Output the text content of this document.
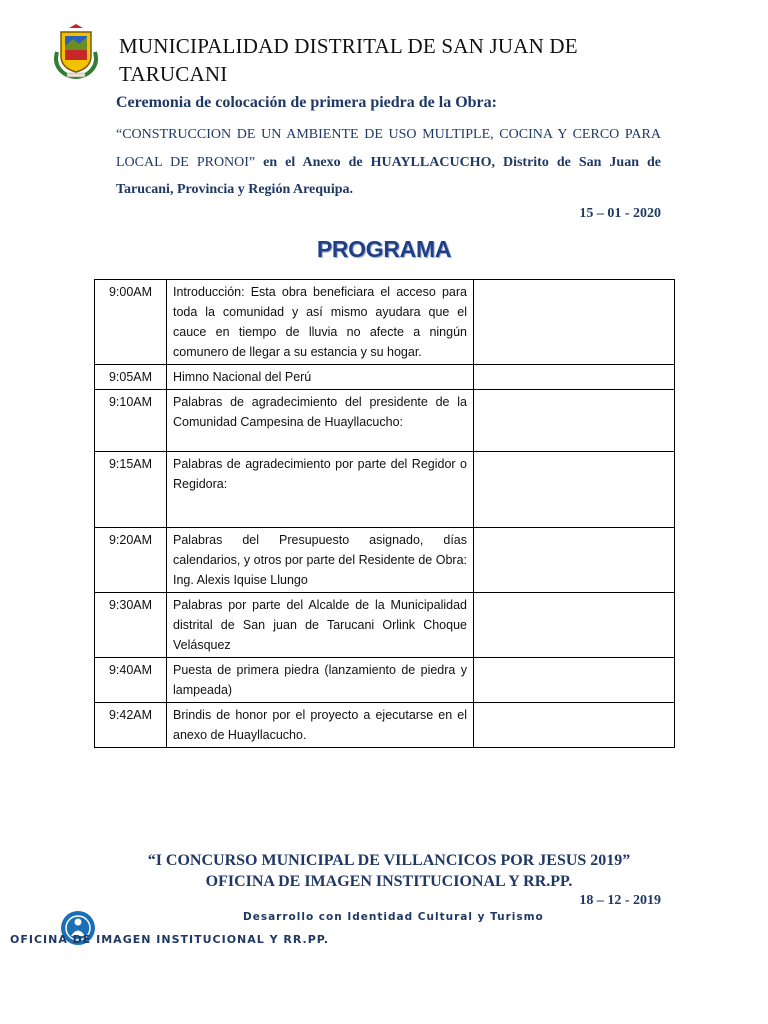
MUNICIPALIDAD DISTRITAL DE SAN JUAN DE TARUCANI
Ceremonia de colocación de primera piedra de la Obra:
“CONSTRUCCION DE UN AMBIENTE DE USO MULTIPLE, COCINA Y CERCO PARA LOCAL DE PRONOI” en el Anexo de HUAYLLACUCHO, Distrito de San Juan de Tarucani, Provincia y Región Arequipa.
15 – 01 - 2020
PROGRAMA
9:00AM	Introducción: Esta obra beneficiara el acceso para toda la comunidad y así mismo ayudara que el cauce en tiempo de lluvia no afecte a ningún comunero de llegar a su estancia y su hogar.	
9:05AM	Himno Nacional del Perú	
9:10AM	Palabras de agradecimiento del presidente de la Comunidad Campesina de Huayllacucho:	
9:15AM	Palabras de agradecimiento por parte del Regidor o Regidora:	
9:20AM	Palabras del Presupuesto asignado, días calendarios, y otros por parte del Residente de Obra: Ing. Alexis Iquise Llungo	
9:30AM	Palabras por parte del Alcalde de la Municipalidad distrital de San juan de Tarucani Orlink Choque Velásquez	
9:40AM	Puesta de primera piedra (lanzamiento de piedra y lampeada)	
9:42AM	Brindis de honor por el proyecto a ejecutarse en el anexo de Huayllacucho.	
“I CONCURSO MUNICIPAL DE VILLANCICOS POR JESUS 2019”
OFICINA DE IMAGEN INSTITUCIONAL Y RR.PP.
18 – 12 - 2019
Desarrollo con Identidad Cultural y Turismo
OFICINA DE IMAGEN INSTITUCIONAL Y RR.PP.
